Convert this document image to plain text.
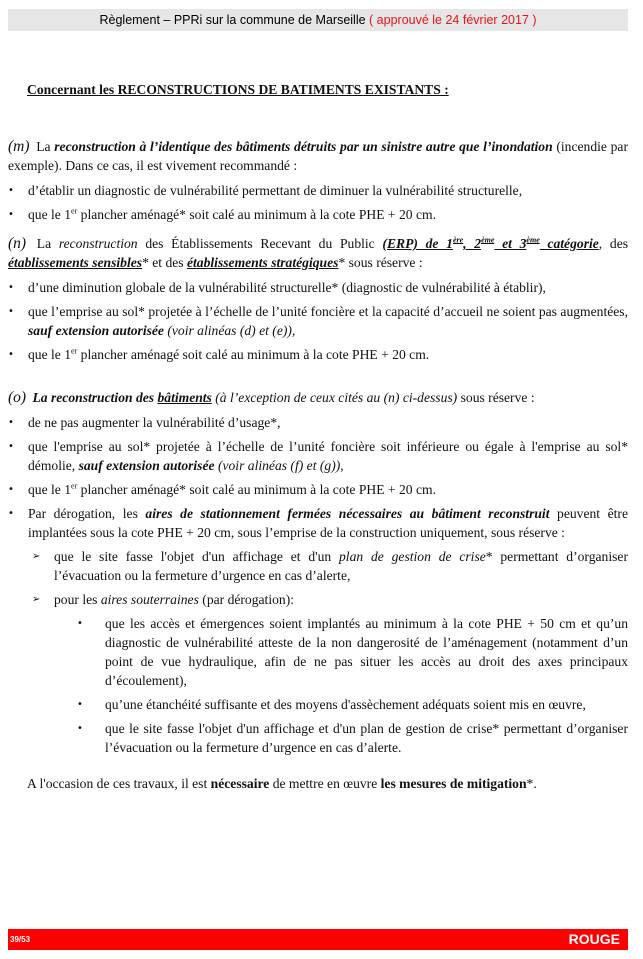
Règlement – PPRi sur la commune de Marseille ( approuvé le 24 février 2017 )
Concernant les RECONSTRUCTIONS DE BATIMENTS EXISTANTS :

(m) La reconstruction à l’identique des bâtiments détruits par un sinistre autre que l’inondation (incendie par exemple). Dans ce cas, il est vivement recommandé :

• d’établir un diagnostic de vulnérabilité permettant de diminuer la vulnérabilité structurelle,
• que le 1er plancher aménagé* soit calé au minimum à la cote PHE + 20 cm.

(n) La reconstruction des Établissements Recevant du Public (ERP) de 1ère, 2ème et 3ème catégorie, des établissements sensibles* et des établissements stratégiques* sous réserve :

• d’une diminution globale de la vulnérabilité structurelle* (diagnostic de vulnérabilité à établir),
• que l’emprise au sol* projetée à l’échelle de l’unité foncière et la capacité d’accueil ne soient pas augmentées, sauf extension autorisée (voir alinéas (d) et (e)),
• que le 1er plancher aménagé soit calé au minimum à la cote PHE + 20 cm.

(o) La reconstruction des bâtiments (à l’exception de ceux cités au (n) ci-dessus) sous réserve :

• de ne pas augmenter la vulnérabilité d’usage*,
• que l'emprise au sol* projetée à l’échelle de l’unité foncière soit inférieure ou égale à l'emprise au sol* démolie, sauf extension autorisée (voir alinéas (f) et (g)),
• que le 1er plancher aménagé* soit calé au minimum à la cote PHE + 20 cm.
• Par dérogation, les aires de stationnement fermées nécessaires au bâtiment reconstruit peuvent être implantées sous la cote PHE + 20 cm, sous l’emprise de la construction uniquement, sous réserve :
➢ que le site fasse l'objet d'un affichage et d'un plan de gestion de crise* permettant d’organiser l’évacuation ou la fermeture d’urgence en cas d’alerte,
➢ pour les aires souterraines (par dérogation):
• que les accès et émergences soient implantés au minimum à la cote PHE + 50 cm et qu’un diagnostic de vulnérabilité atteste de la non dangerosité de l’aménagement (notamment d’un point de vue hydraulique, afin de ne pas situer les accès au droit des axes principaux d’écoulement),
• qu’une étanchéité suffisante et des moyens d'assèchement adéquats soient mis en œuvre,
• que le site fasse l'objet d'un affichage et d'un plan de gestion de crise* permettant d’organiser l’évacuation ou la fermeture d’urgence en cas d’alerte.

A l'occasion de ces travaux, il est nécessaire de mettre en œuvre les mesures de mitigation*.

39/53	ROUGE
